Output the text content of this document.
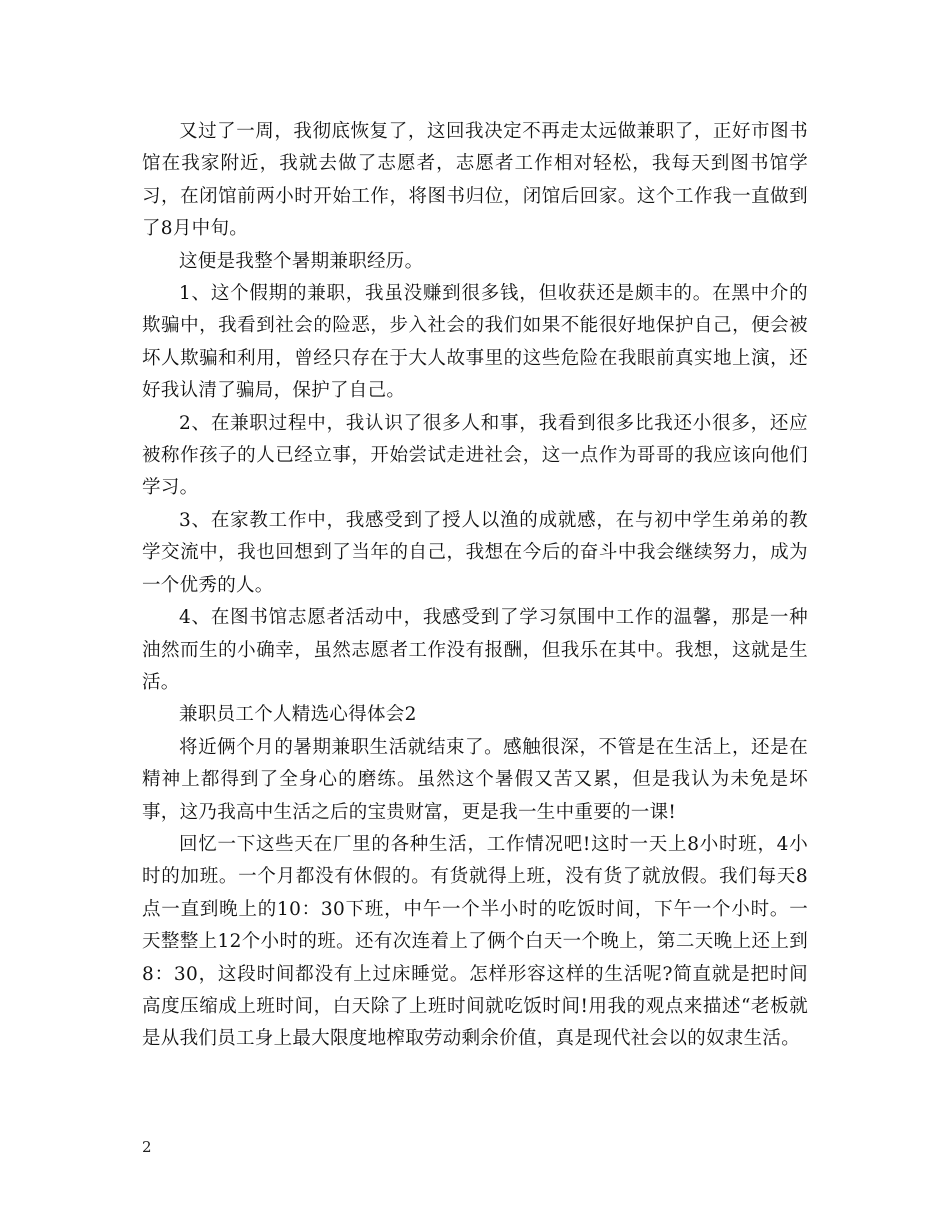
又过了一周，我彻底恢复了，这回我决定不再走太远做兼职了，正好市图书馆在我家附近，我就去做了志愿者，志愿者工作相对轻松，我每天到图书馆学习，在闭馆前两小时开始工作，将图书归位，闭馆后回家。这个工作我一直做到了8月中旬。

这便是我整个暑期兼职经历。

1、这个假期的兼职，我虽没赚到很多钱，但收获还是颇丰的。在黑中介的欺骗中，我看到社会的险恶，步入社会的我们如果不能很好地保护自己，便会被坏人欺骗和利用，曾经只存在于大人故事里的这些危险在我眼前真实地上演，还好我认清了骗局，保护了自己。

2、在兼职过程中，我认识了很多人和事，我看到很多比我还小很多，还应被称作孩子的人已经立事，开始尝试走进社会，这一点作为哥哥的我应该向他们学习。

3、在家教工作中，我感受到了授人以渔的成就感，在与初中学生弟弟的教学交流中，我也回想到了当年的自己，我想在今后的奋斗中我会继续努力，成为一个优秀的人。

4、在图书馆志愿者活动中，我感受到了学习氛围中工作的温馨，那是一种油然而生的小确幸，虽然志愿者工作没有报酬，但我乐在其中。我想，这就是生活。

兼职员工个人精选心得体会2

将近俩个月的暑期兼职生活就结束了。感触很深，不管是在生活上，还是在精神上都得到了全身心的磨练。虽然这个暑假又苦又累，但是我认为未免是坏事，这乃我高中生活之后的宝贵财富，更是我一生中重要的一课!

回忆一下这些天在厂里的各种生活，工作情况吧!这时一天上8小时班，4小时的加班。一个月都没有休假的。有货就得上班，没有货了就放假。我们每天8点一直到晚上的10：30下班，中午一个半小时的吃饭时间，下午一个小时。一天整整上12个小时的班。还有次连着上了俩个白天一个晚上，第二天晚上还上到8：30，这段时间都没有上过床睡觉。怎样形容这样的生活呢?简直就是把时间高度压缩成上班时间，白天除了上班时间就吃饭时间!用我的观点来描述“老板就是从我们员工身上最大限度地榨取劳动剩余价值，真是现代社会以的奴隶生活。

2
